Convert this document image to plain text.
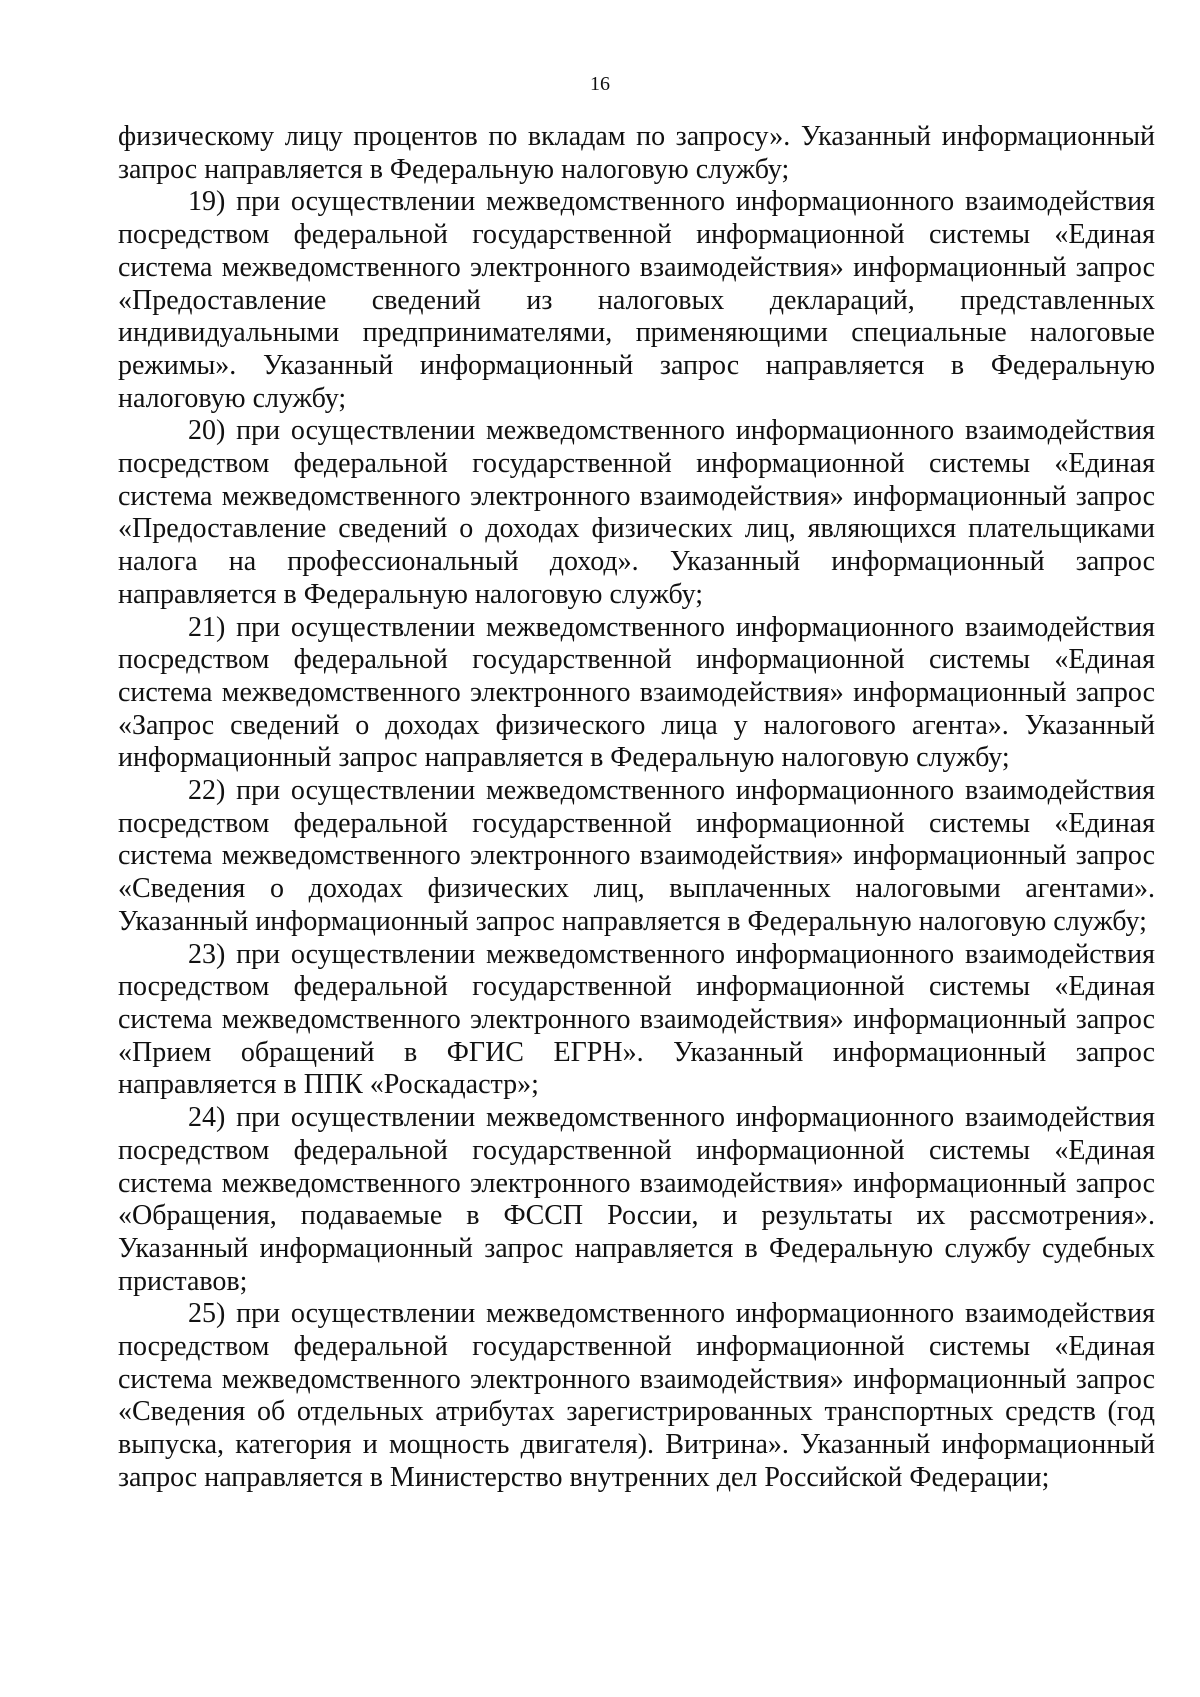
16

физическому лицу процентов по вкладам по запросу». Указанный информационный запрос направляется в Федеральную налоговую службу;

19) при осуществлении межведомственного информационного взаимодействия посредством федеральной государственной информационной системы «Единая система межведомственного электронного взаимодействия» информационный запрос «Предоставление сведений из налоговых деклараций, представленных индивидуальными предпринимателями, применяющими специальные налоговые режимы». Указанный информационный запрос направляется в Федеральную налоговую службу;

20) при осуществлении межведомственного информационного взаимодействия посредством федеральной государственной информационной системы «Единая система межведомственного электронного взаимодействия» информационный запрос «Предоставление сведений о доходах физических лиц, являющихся плательщиками налога на профессиональный доход». Указанный информационный запрос направляется в Федеральную налоговую службу;

21) при осуществлении межведомственного информационного взаимодействия посредством федеральной государственной информационной системы «Единая система межведомственного электронного взаимодействия» информационный запрос «Запрос сведений о доходах физического лица у налогового агента». Указанный информационный запрос направляется в Федеральную налоговую службу;

22) при осуществлении межведомственного информационного взаимодействия посредством федеральной государственной информационной системы «Единая система межведомственного электронного взаимодействия» информационный запрос «Сведения о доходах физических лиц, выплаченных налоговыми агентами». Указанный информационный запрос направляется в Федеральную налоговую службу;

23) при осуществлении межведомственного информационного взаимодействия посредством федеральной государственной информационной системы «Единая система межведомственного электронного взаимодействия» информационный запрос «Прием обращений в ФГИС ЕГРН». Указанный информационный запрос направляется в ППК «Роскадастр»;

24) при осуществлении межведомственного информационного взаимодействия посредством федеральной государственной информационной системы «Единая система межведомственного электронного взаимодействия» информационный запрос «Обращения, подаваемые в ФССП России, и результаты их рассмотрения». Указанный информационный запрос направляется в Федеральную службу судебных приставов;

25) при осуществлении межведомственного информационного взаимодействия посредством федеральной государственной информационной системы «Единая система межведомственного электронного взаимодействия» информационный запрос «Сведения об отдельных атрибутах зарегистрированных транспортных средств (год выпуска, категория и мощность двигателя). Витрина». Указанный информационный запрос направляется в Министерство внутренних дел Российской Федерации;
